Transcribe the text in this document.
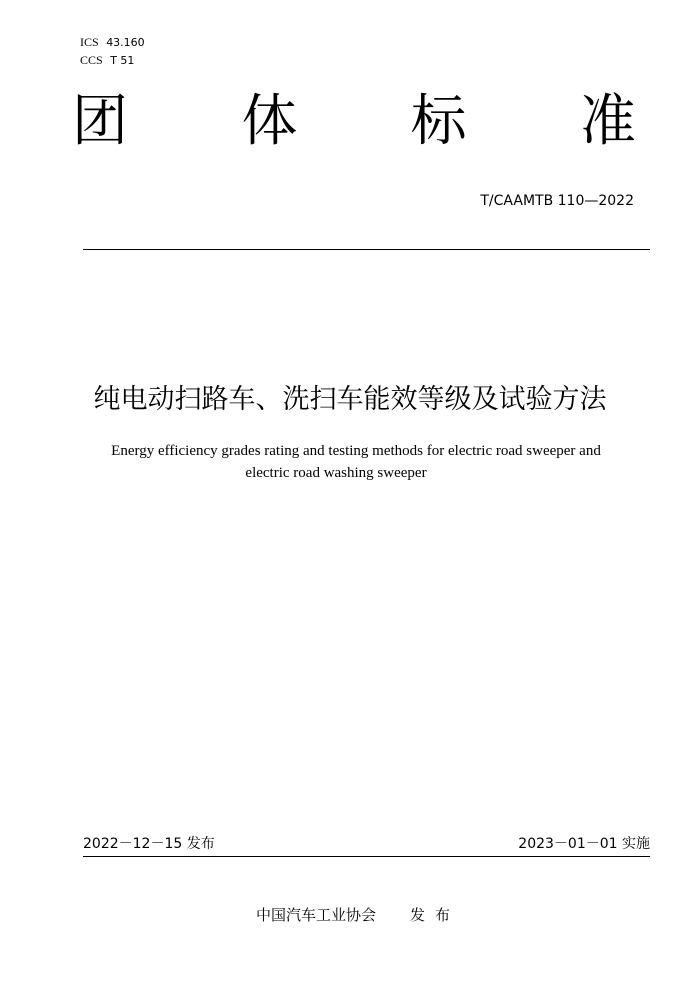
ICS 43.160
CCS T 51
团 体 标 准
T/CAAMTB 110—2022
纯电动扫路车、洗扫车能效等级及试验方法
Energy efficiency grades rating and testing methods for electric road sweeper and
electric road washing sweeper
2022－12－15 发布	2023－01－01 实施
中国汽车工业协会 发布
